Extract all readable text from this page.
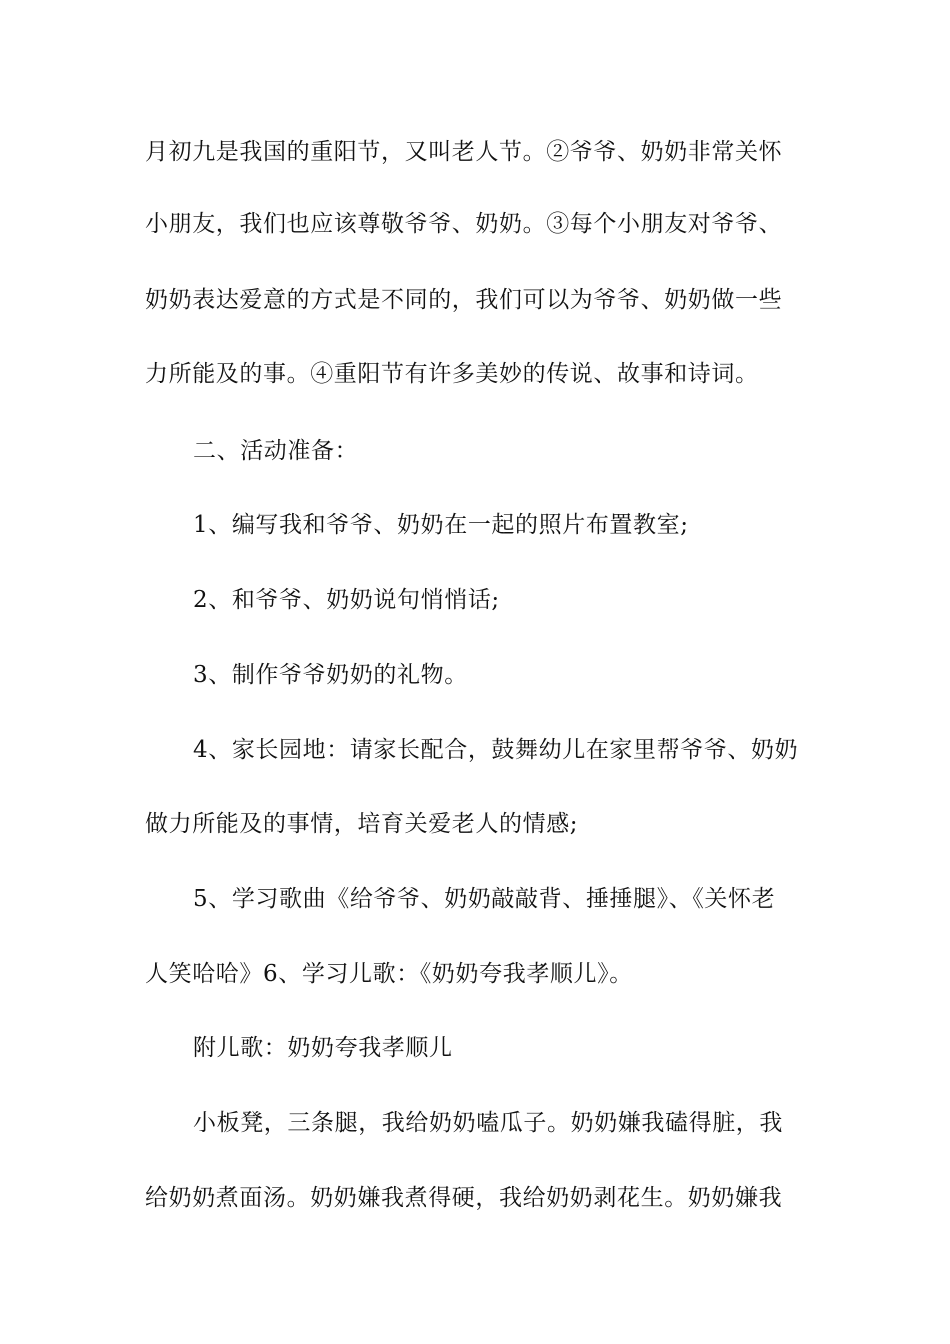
月初九是我国的重阳节，又叫老人节。②爷爷、奶奶非常关怀
小朋友，我们也应该尊敬爷爷、奶奶。③每个小朋友对爷爷、
奶奶表达爱意的方式是不同的，我们可以为爷爷、奶奶做一些
力所能及的事。④重阳节有许多美妙的传说、故事和诗词。
二、活动准备：
1、编写我和爷爷、奶奶在一起的照片布置教室;
2、和爷爷、奶奶说句悄悄话;
3、制作爷爷奶奶的礼物。
4、家长园地：请家长配合，鼓舞幼儿在家里帮爷爷、奶奶
做力所能及的事情，培育关爱老人的情感;
5、学习歌曲《给爷爷、奶奶敲敲背、捶捶腿》、《关怀老
人笑哈哈》6、学习儿歌：《奶奶夸我孝顺儿》。
附儿歌：奶奶夸我孝顺儿
小板凳，三条腿，我给奶奶嗑瓜子。奶奶嫌我磕得脏，我
给奶奶煮面汤。奶奶嫌我煮得硬，我给奶奶剥花生。奶奶嫌我
